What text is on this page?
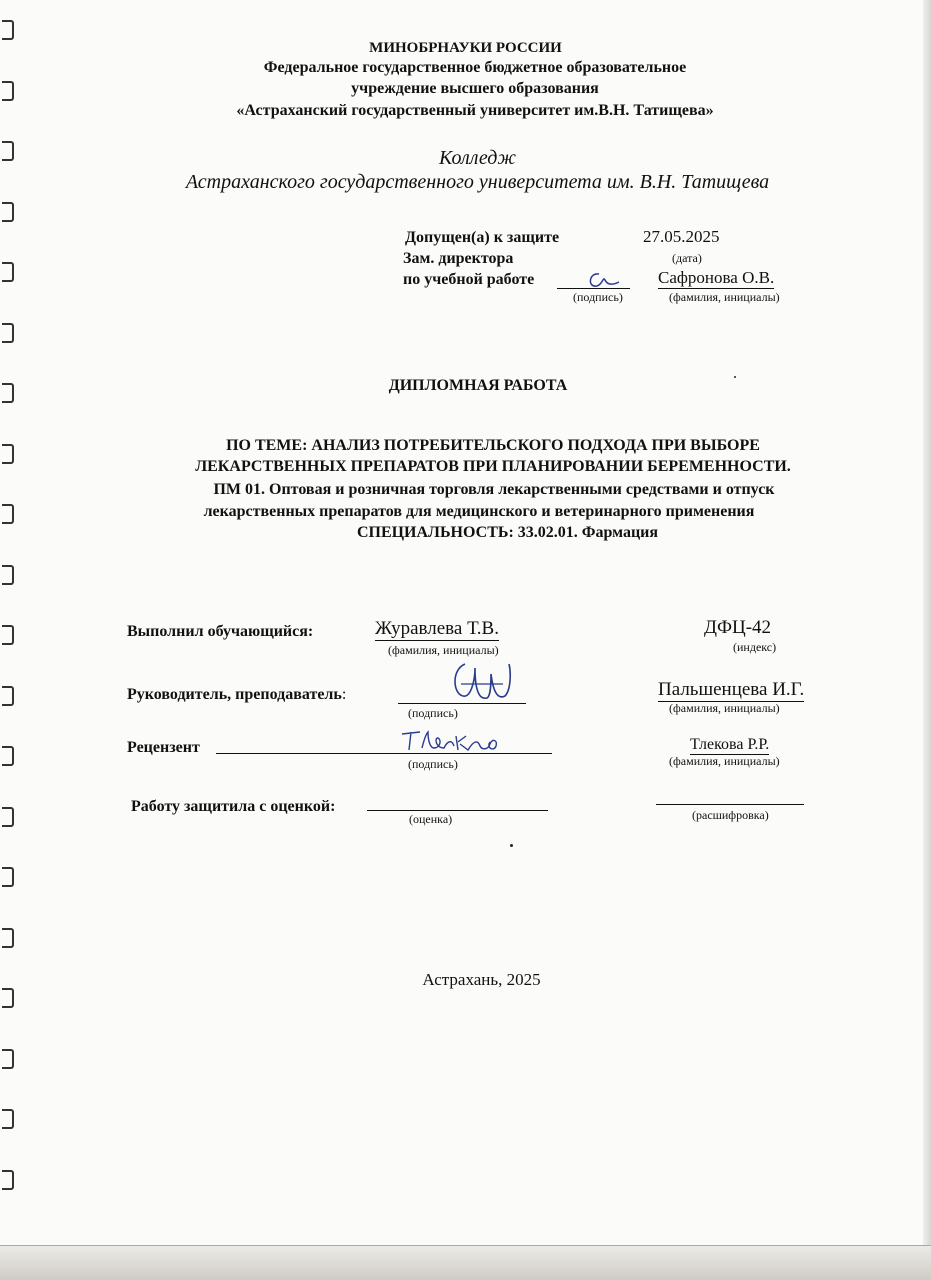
МИНОБРНАУКИ РОССИИ
Федеральное государственное бюджетное образовательное
учреждение высшего образования
«Астраханский государственный университет им.В.Н. Татищева»
Колледж
Астраханского государственного университета им. В.Н. Татищева
Допущен(а) к защите	27.05.2025
(дата)
Зам. директора
по учебной работе
(подпись)
Сафронова О.В.
(фамилия, инициалы)
ДИПЛОМНАЯ РАБОТА
ПО ТЕМЕ: АНАЛИЗ ПОТРЕБИТЕЛЬСКОГО ПОДХОДА ПРИ ВЫБОРЕ
ЛЕКАРСТВЕННЫХ ПРЕПАРАТОВ ПРИ ПЛАНИРОВАНИИ БЕРЕМЕННОСТИ.
ПМ 01. Оптовая и розничная торговля лекарственными средствами и отпуск
лекарственных препаратов для медицинского и ветеринарного применения
СПЕЦИАЛЬНОСТЬ: 33.02.01. Фармация
Выполнил обучающийся:	Журавлева Т.В.
(фамилия, инициалы)
ДФЦ-42
(индекс)
Руководитель, преподаватель:
(подпись)
Пальшенцева И.Г.
(фамилия, инициалы)
Рецензент
(подпись)
Тлекова Р.Р.
(фамилия, инициалы)
Работу защитила с оценкой:
(оценка)	(расшифровка)
Астрахань, 2025
